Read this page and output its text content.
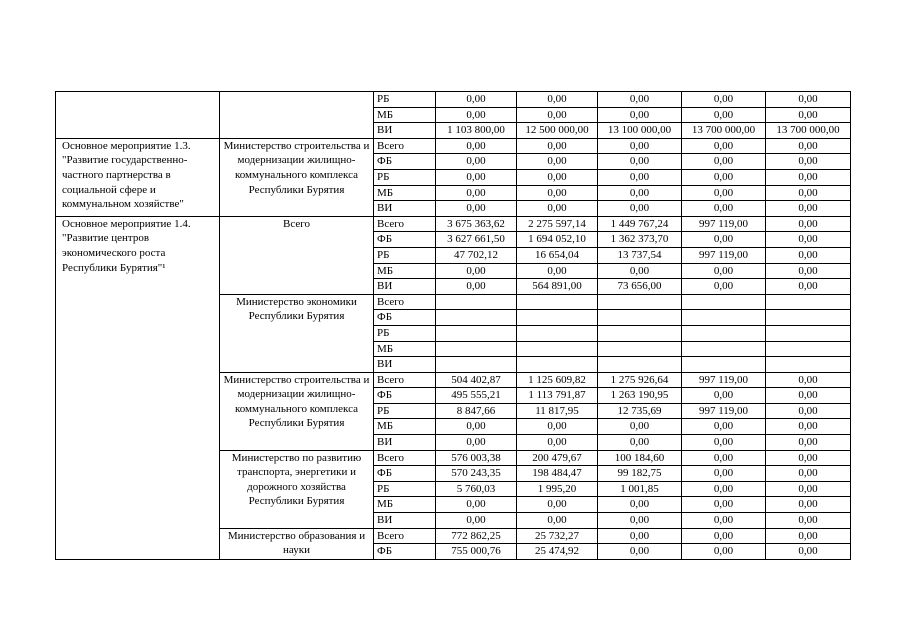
		РБ	0,00	0,00	0,00	0,00	0,00
		МБ	0,00	0,00	0,00	0,00	0,00
		ВИ	1 103 800,00	12 500 000,00	13 100 000,00	13 700 000,00	13 700 000,00
Основное мероприятие 1.3. "Развитие государственно-частного партнерства в социальной сфере и коммунальном хозяйстве"	Министерство строительства и модернизации жилищно-коммунального комплекса Республики Бурятия	Всего	0,00	0,00	0,00	0,00	0,00
		ФБ	0,00	0,00	0,00	0,00	0,00
		РБ	0,00	0,00	0,00	0,00	0,00
		МБ	0,00	0,00	0,00	0,00	0,00
		ВИ	0,00	0,00	0,00	0,00	0,00
Основное мероприятие 1.4. "Развитие центров экономического роста Республики Бурятия"¹	Всего	Всего	3 675 363,62	2 275 597,14	1 449 767,24	997 119,00	0,00
		ФБ	3 627 661,50	1 694 052,10	1 362 373,70	0,00	0,00
		РБ	47 702,12	16 654,04	13 737,54	997 119,00	0,00
		МБ	0,00	0,00	0,00	0,00	0,00
		ВИ	0,00	564 891,00	73 656,00	0,00	0,00
	Министерство экономики Республики Бурятия	Всего					
		ФБ					
		РБ					
		МБ					
		ВИ					
	Министерство строительства и модернизации жилищно-коммунального комплекса Республики Бурятия	Всего	504 402,87	1 125 609,82	1 275 926,64	997 119,00	0,00
		ФБ	495 555,21	1 113 791,87	1 263 190,95	0,00	0,00
		РБ	8 847,66	11 817,95	12 735,69	997 119,00	0,00
		МБ	0,00	0,00	0,00	0,00	0,00
		ВИ	0,00	0,00	0,00	0,00	0,00
	Министерство по развитию транспорта, энергетики и дорожного хозяйства Республики Бурятия	Всего	576 003,38	200 479,67	100 184,60	0,00	0,00
		ФБ	570 243,35	198 484,47	99 182,75	0,00	0,00
		РБ	5 760,03	1 995,20	1 001,85	0,00	0,00
		МБ	0,00	0,00	0,00	0,00	0,00
		ВИ	0,00	0,00	0,00	0,00	0,00
	Министерство образования и науки	Всего	772 862,25	25 732,27	0,00	0,00	0,00
		ФБ	755 000,76	25 474,92	0,00	0,00	0,00
